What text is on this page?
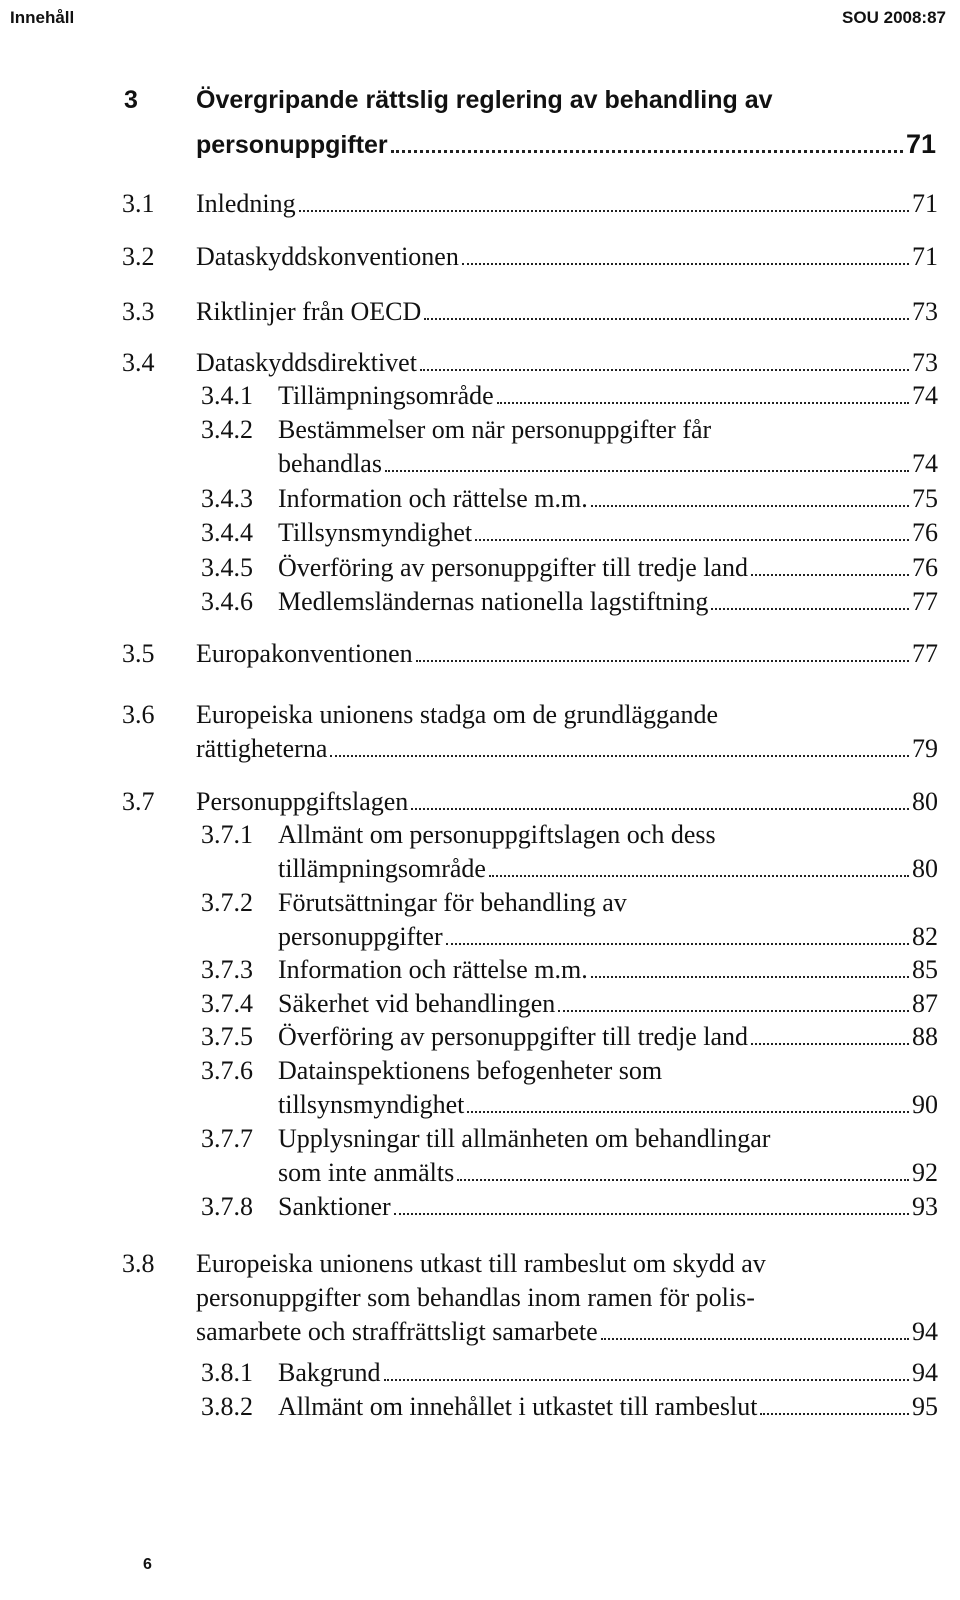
Innehåll	SOU 2008:87
3 Övergripande rättslig reglering av behandling av
personuppgifter	71
3.1 Inledning	71
3.2 Dataskyddskonventionen	71
3.3 Riktlinjer från OECD	73
3.4 Dataskyddsdirektivet	73
3.4.1 Tillämpningsområde	74
3.4.2 Bestämmelser om när personuppgifter får
behandlas	74
3.4.3 Information och rättelse m.m.	75
3.4.4 Tillsynsmyndighet	76
3.4.5 Överföring av personuppgifter till tredje land	76
3.4.6 Medlemsländernas nationella lagstiftning	77
3.5 Europakonventionen	77
3.6 Europeiska unionens stadga om de grundläggande
rättigheterna	79
3.7 Personuppgiftslagen	80
3.7.1 Allmänt om personuppgiftslagen och dess
tillämpningsområde	80
3.7.2 Förutsättningar för behandling av
personuppgifter	82
3.7.3 Information och rättelse m.m.	85
3.7.4 Säkerhet vid behandlingen	87
3.7.5 Överföring av personuppgifter till tredje land	88
3.7.6 Datainspektionens befogenheter som
tillsynsmyndighet	90
3.7.7 Upplysningar till allmänheten om behandlingar
som inte anmälts	92
3.7.8 Sanktioner	93
3.8 Europeiska unionens utkast till rambeslut om skydd av
personuppgifter som behandlas inom ramen för polis-
samarbete och straffrättsligt samarbete	94
3.8.1 Bakgrund	94
3.8.2 Allmänt om innehållet i utkastet till rambeslut	95
6
